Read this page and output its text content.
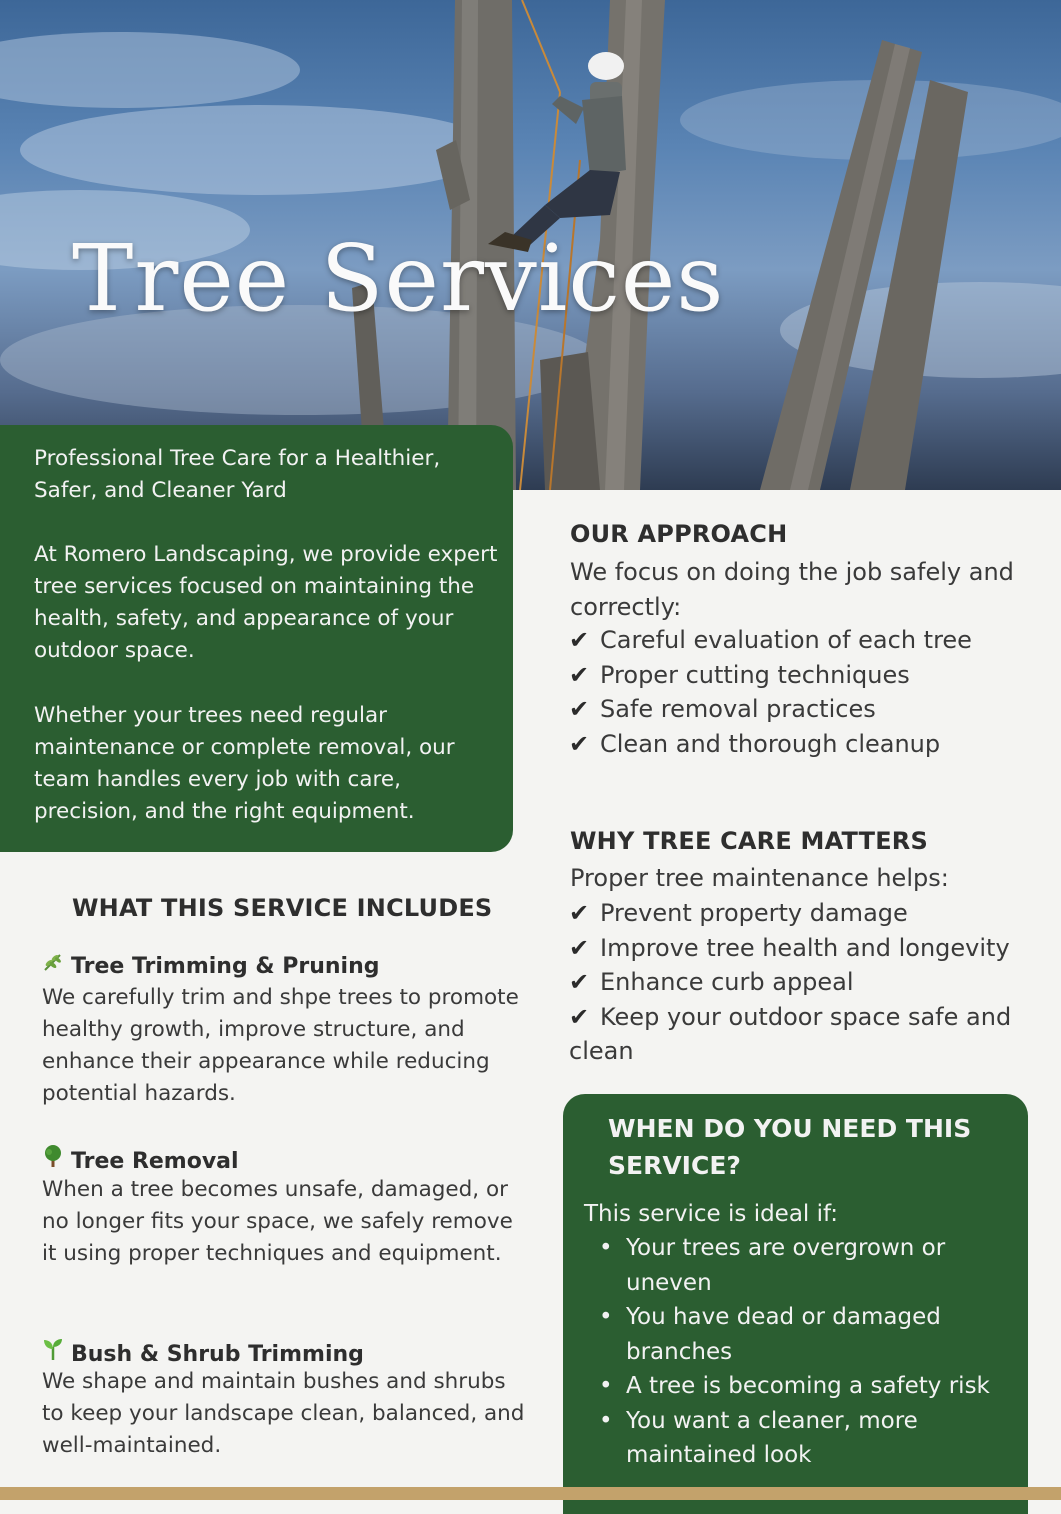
Tree Services

Professional Tree Care for a Healthier, Safer, and Cleaner Yard

At Romero Landscaping, we provide expert tree services focused on maintaining the health, safety, and appearance of your outdoor space.

Whether your trees need regular maintenance or complete removal, our team handles every job with care, precision, and the right equipment.

WHAT THIS SERVICE INCLUDES
Tree Trimming & Pruning

We carefully trim and shpe trees to promote healthy growth, improve structure, and enhance their appearance while reducing potential hazards.

Tree Removal

When a tree becomes unsafe, damaged, or no longer fits your space, we safely remove it using proper techniques and equipment.

Bush & Shrub Trimming

We shape and maintain bushes and shrubs to keep your landscape clean, balanced, and well-maintained.

OUR APPROACH

We focus on doing the job safely and correctly:

✔ Careful evaluation of each tree
✔ Proper cutting techniques
✔ Safe removal practices
✔ Clean and thorough cleanup
WHY TREE CARE MATTERS

Proper tree maintenance helps:

✔ Prevent property damage
✔ Improve tree health and longevity
✔ Enhance curb appeal
✔ Keep your outdoor space safe and clean
WHEN DO YOU NEED THIS SERVICE?

This service is ideal if:

• Your trees are overgrown or uneven
• You have dead or damaged branches
• A tree is becoming a safety risk
• You want a cleaner, more maintained look
